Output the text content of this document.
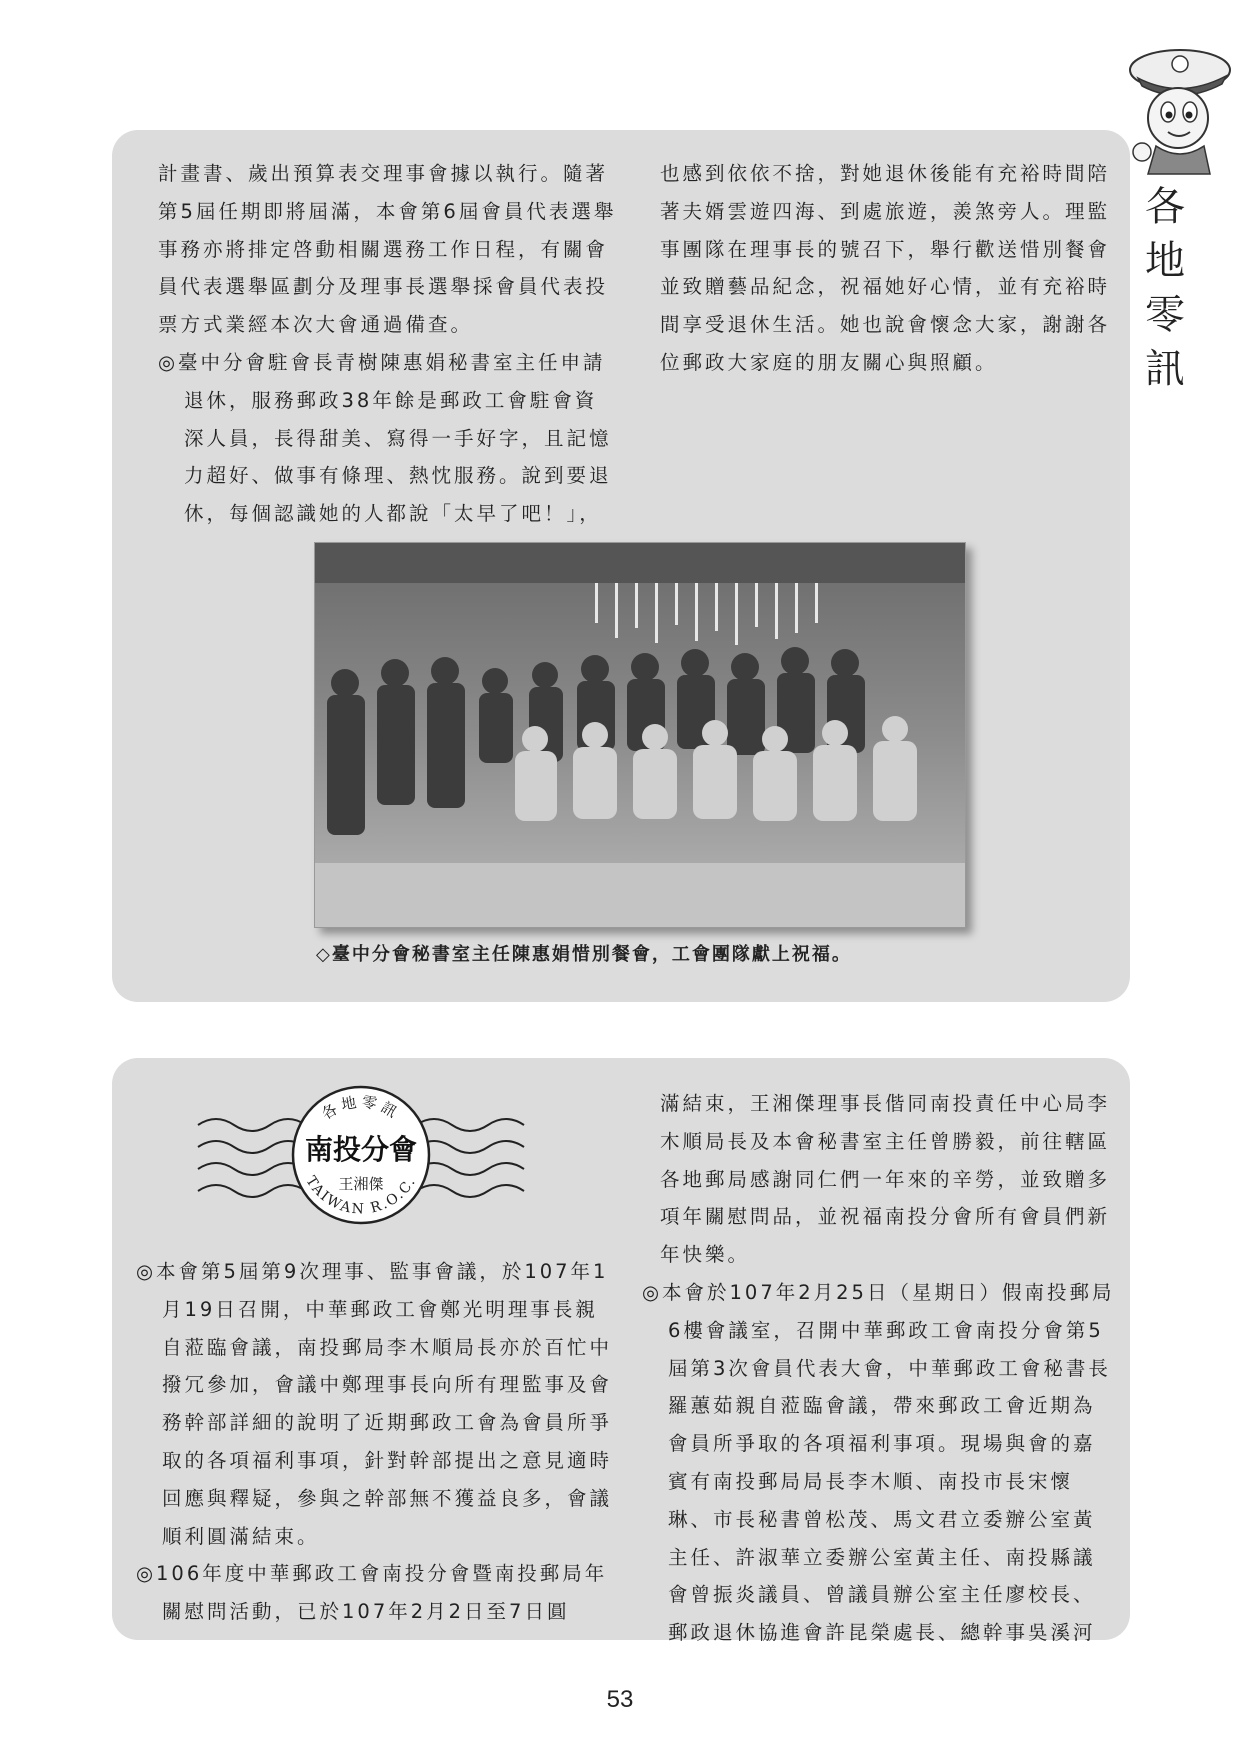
各
地
零
訊

計畫書、歲出預算表交理事會據以執行。隨著第5屆任期即將屆滿，本會第6屆會員代表選舉事務亦將排定啓動相關選務工作日程，有關會員代表選舉區劃分及理事長選舉採會員代表投票方式業經本次大會通過備查。

◎臺中分會駐會長青樹陳惠娟秘書室主任申請退休，服務郵政38年餘是郵政工會駐會資深人員，長得甜美、寫得一手好字，且記憶力超好、做事有條理、熱忱服務。說到要退休，每個認識她的人都說「太早了吧！」，

也感到依依不捨，對她退休後能有充裕時間陪著夫婿雲遊四海、到處旅遊，羨煞旁人。理監事團隊在理事長的號召下，舉行歡送惜別餐會並致贈藝品紀念，祝福她好心情，並有充裕時間享受退休生活。她也說會懷念大家，謝謝各位郵政大家庭的朋友關心與照顧。

◇臺中分會秘書室主任陳惠娟惜別餐會，工會團隊獻上祝福。
各地零訊
南投分會
王湘傑
TAIWAN R.O.C.

◎本會第5屆第9次理事、監事會議，於107年1月19日召開，中華郵政工會鄭光明理事長親自蒞臨會議，南投郵局李木順局長亦於百忙中撥冗參加，會議中鄭理事長向所有理監事及會務幹部詳細的說明了近期郵政工會為會員所爭取的各項福利事項，針對幹部提出之意見適時回應與釋疑，參與之幹部無不獲益良多，會議順利圓滿結束。

◎106年度中華郵政工會南投分會暨南投郵局年關慰問活動，已於107年2月2日至7日圓

滿結束，王湘傑理事長偕同南投責任中心局李木順局長及本會秘書室主任曾勝毅，前往轄區各地郵局感謝同仁們一年來的辛勞，並致贈多項年關慰問品，並祝福南投分會所有會員們新年快樂。

◎本會於107年2月25日（星期日）假南投郵局6樓會議室，召開中華郵政工會南投分會第5屆第3次會員代表大會，中華郵政工會秘書長羅蕙茹親自蒞臨會議，帶來郵政工會近期為會員所爭取的各項福利事項。現場與會的嘉賓有南投郵局局長李木順、南投市長宋懷琳、市長秘書曾松茂、馬文君立委辦公室黃主任、許淑華立委辦公室黃主任、南投縣議會曾振炎議員、曾議員辦公室主任廖校長、郵政退休協進會許昆榮處長、總幹事吳溪河

53
